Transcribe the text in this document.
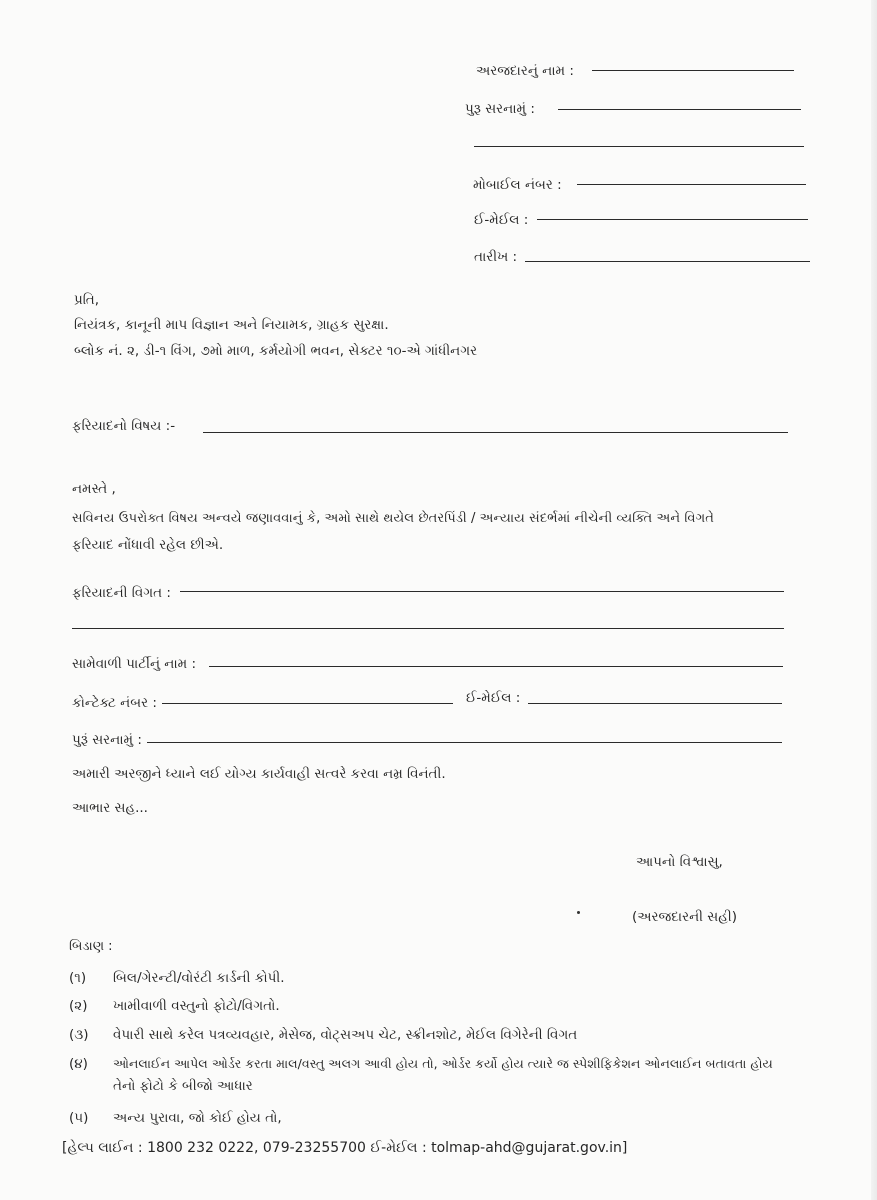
અરજદારનું નામ :
પુરૂ સરનામું :
મોબાઈલ નંબર :
ઈ-મેઈલ :
તારીખ :
પ્રતિ,
નિયંત્રક, કાનૂની માપ વિજ્ઞાન અને નિયામક, ગ્રાહક સુરક્ષા.
બ્લોક નં. ૨, ડી-૧ વિંગ, ૭મો માળ, કર્મયોગી ભવન, સેક્ટર ૧૦-એ ગાંધીનગર
ફરિયાદનો વિષય :-
નમસ્તે ,
સવિનય ઉપરોક્ત વિષય અન્વયે જણાવવાનું કે, અમો સાથે થયેલ છેતરપિંડી / અન્યાય સંદર્ભમાં નીચેની વ્યક્તિ અને વિગતે
ફરિયાદ નોંધાવી રહેલ છીએ.
ફરિયાદની વિગત :
સામેવાળી પાર્ટીનું નામ :
કોન્ટેક્ટ નંબર :	ઈ-મેઈલ :
પુરૂં સરનામું :
અમારી અરજીને ધ્યાને લઈ યોગ્ય કાર્યવાહી સત્વરે કરવા નમ્ર વિનંતી.
આભાર સહ...
આપનો વિશ્વાસુ,
(અરજદારની સહી)
બિડાણ :
(૧) બિલ/ગેરન્ટી/વોરંટી કાર્ડની કોપી.
(૨) ખામીવાળી વસ્તુનો ફોટો/વિગતો.
(૩) વેપારી સાથે કરેલ પત્રવ્યવહાર, મેસેજ, વોટ્સઅપ ચેટ, સ્ક્રીનશોટ, મેઈલ વિગેરેની વિગત
(૪) ઓનલાઈન આપેલ ઓર્ડર કરતા માલ/વસ્તુ અલગ આવી હોય તો, ઓર્ડર કર્યો હોય ત્યારે જ સ્પેશીફિકેશન ઓનલાઈન બતાવતા હોય
તેનો ફોટો કે બીજો આધાર
(૫) અન્ય પુરાવા, જો કોઈ હોય તો,
[હેલ્પ લાઈન : 1800 232 0222, 079-23255700 ઈ-મેઈલ : tolmap-ahd@gujarat.gov.in]
